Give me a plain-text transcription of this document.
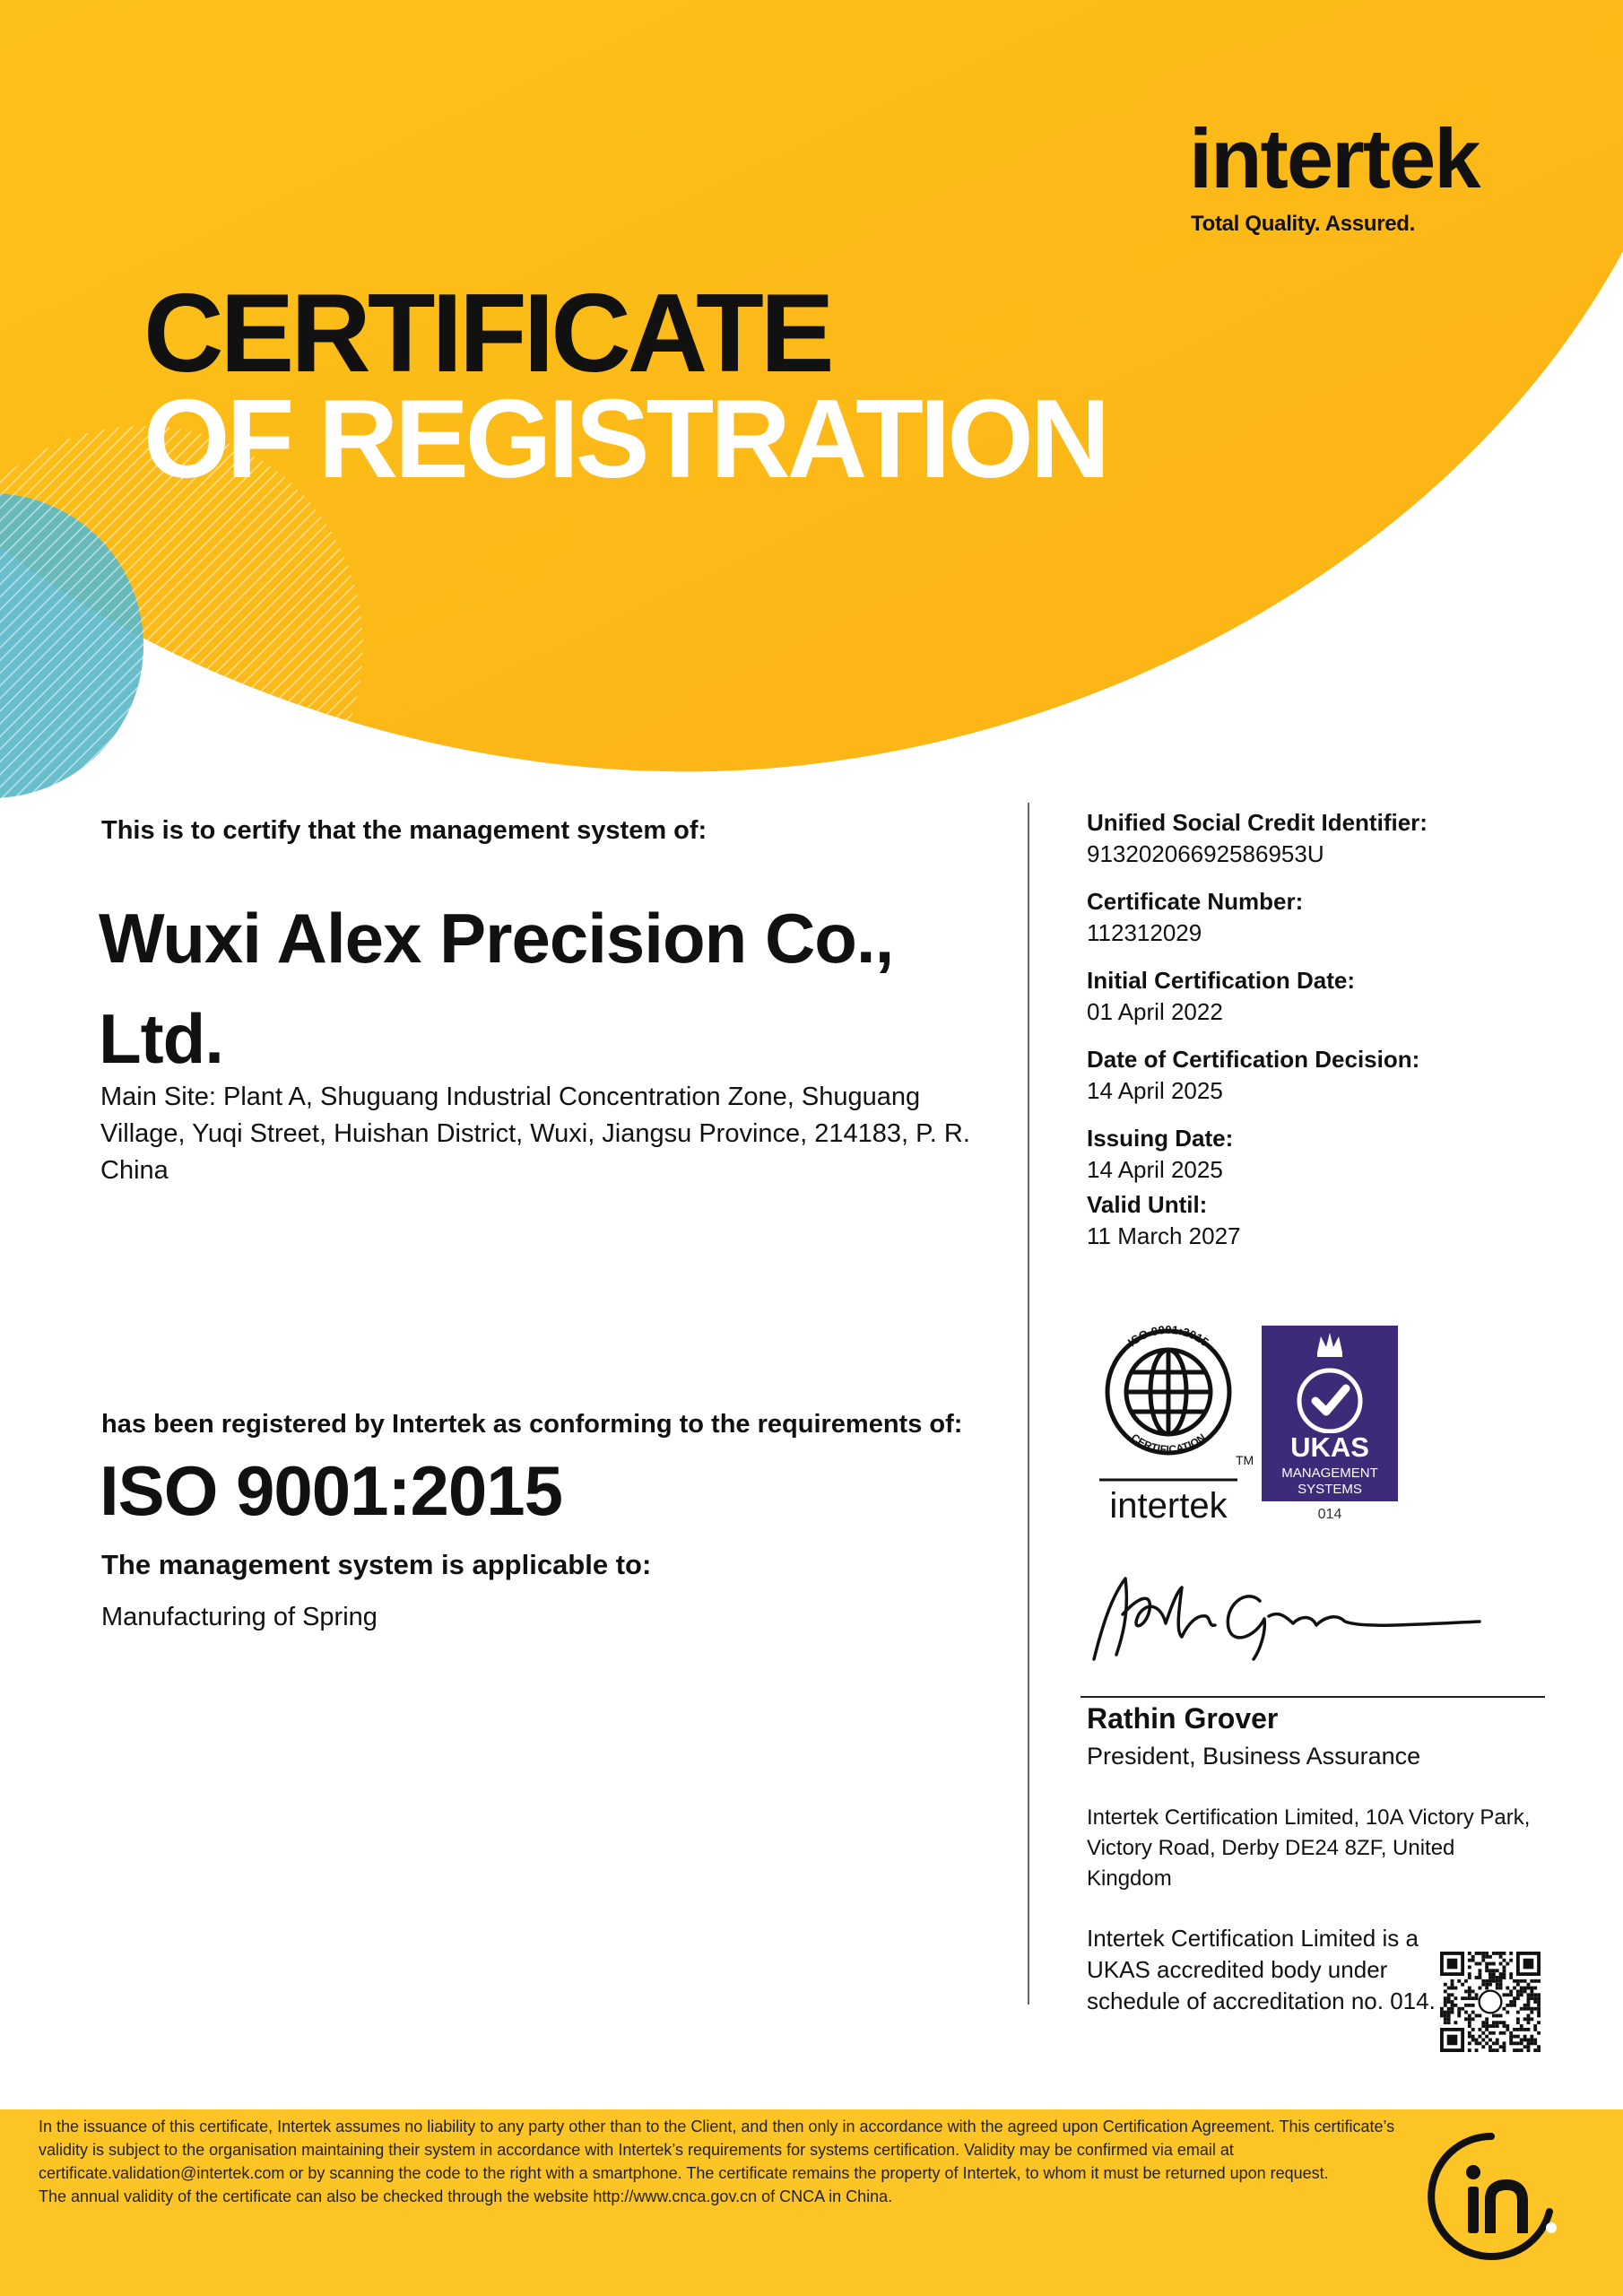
intertek
Total Quality. Assured.
CERTIFICATE
OF REGISTRATION
This is to certify that the management system of:
Wuxi Alex Precision Co., Ltd.
Main Site: Plant A, Shuguang Industrial Concentration Zone, Shuguang Village, Yuqi Street, Huishan District, Wuxi, Jiangsu Province, 214183, P. R. China
has been registered by Intertek as conforming to the requirements of:
ISO 9001:2015
The management system is applicable to:
Manufacturing of Spring
Unified Social Credit Identifier:
91320206692586953U
Certificate Number:
112312029
Initial Certification Date:
01 April 2022
Date of Certification Decision:
14 April 2025
Issuing Date:
14 April 2025
Valid Until:
11 March 2027
ISO 9001:2015
CERTIFICATION
intertek
TM	UKAS
MANAGEMENT
SYSTEMS
014
Rathin Grover
President, Business Assurance
Intertek Certification Limited, 10A Victory Park, Victory Road, Derby DE24 8ZF, United Kingdom
Intertek Certification Limited is a UKAS accredited body under schedule of accreditation no. 014.
In the issuance of this certificate, Intertek assumes no liability to any party other than to the Client, and then only in accordance with the agreed upon Certification Agreement. This certificate’s validity is subject to the organisation maintaining their system in accordance with Intertek’s requirements for systems certification. Validity may be confirmed via email at certificate.validation@intertek.com or by scanning the code to the right with a smartphone. The certificate remains the property of Intertek, to whom it must be returned upon request.
The annual validity of the certificate can also be checked through the website http://www.cnca.gov.cn of CNCA in China.
